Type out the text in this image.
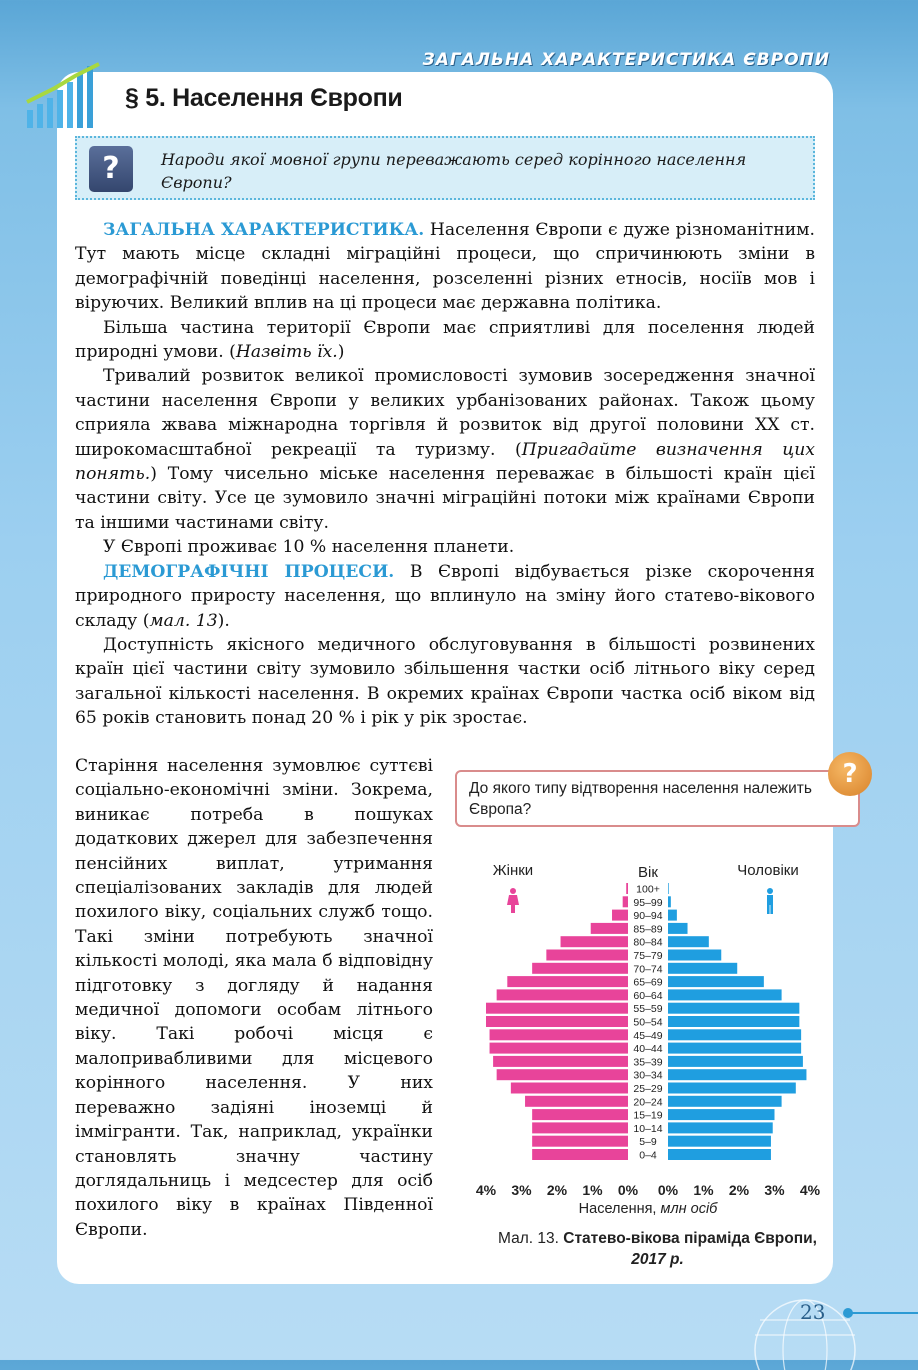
ЗАГАЛЬНА ХАРАКТЕРИСТИКА ЄВРОПИ
§ 5. Населення Європи
?	Народи якої мовної групи переважають серед корінного населення Європи?

ЗАГАЛЬНА ХАРАКТЕРИСТИКА. Населення Європи є дуже різноманітним. Тут мають місце складні міграційні процеси, що спричинюють зміни в демографічній поведінці населення, розселенні різних етносів, носіїв мов і віруючих. Великий вплив на ці процеси має державна політика.

Більша частина території Європи має сприятливі для поселення людей природні умови. (Назвіть їх.)

Тривалий розвиток великої промисловості зумовив зосередження значної частини населення Європи у великих урбанізованих районах. Також цьому сприяла жвава міжнародна торгівля й розвиток від другої половини XX ст. широкомасштабної рекреації та туризму. (Пригадайте визначення цих понять.) Тому чисельно міське населення переважає в більшості країн цієї частини світу. Усе це зумовило значні міграційні потоки між країнами Європи та іншими частинами світу.

У Європі проживає 10 % населення планети.

ДЕМОГРАФІЧНІ ПРОЦЕСИ. В Європі відбувається різке скорочення природного приросту населення, що вплинуло на зміну його статево-вікового складу (мал. 13).

Доступність якісного медичного обслуговування в більшості розвинених країн цієї частини світу зумовило збільшення частки осіб літнього віку серед загальної кількості населення. В окремих країнах Європи частка осіб віком від 65 років становить понад 20 % і рік у рік зростає.

Старіння населення зумовлює суттєві соціально-економічні зміни. Зокрема, виникає потреба в пошуках додаткових джерел для забезпечення пенсійних виплат, утримання спеціалізованих закладів для людей похилого віку, соціальних служб тощо. Такі зміни потребують значної кількості молоді, яка мала б відповідну підготовку з догляду й надання медичної допомоги особам літнього віку. Такі робочі місця є малопривабливими для місцевого корінного населення. У них переважно задіяні іноземці й іммігранти. Так, наприклад, українки становлять значну частину доглядальниць і медсестер для осіб похилого віку в країнах Південної Європи.

До якого типу відтворення населення належить Європа?
?
Жінки	Вік	Чоловіки
100+
95–99
90–94
85–89
80–84
75–79
70–74
65–69
60–64
55–59
50–54
45–49
40–44
35–39
30–34
25–29
20–24
15–19
10–14
5–9
0–4
4% 3% 2% 1% 0% 0% 1% 2% 3% 4%
Населення, млн осіб
Мал. 13. Статево-вікова піраміда Європи,
2017 р.
23
